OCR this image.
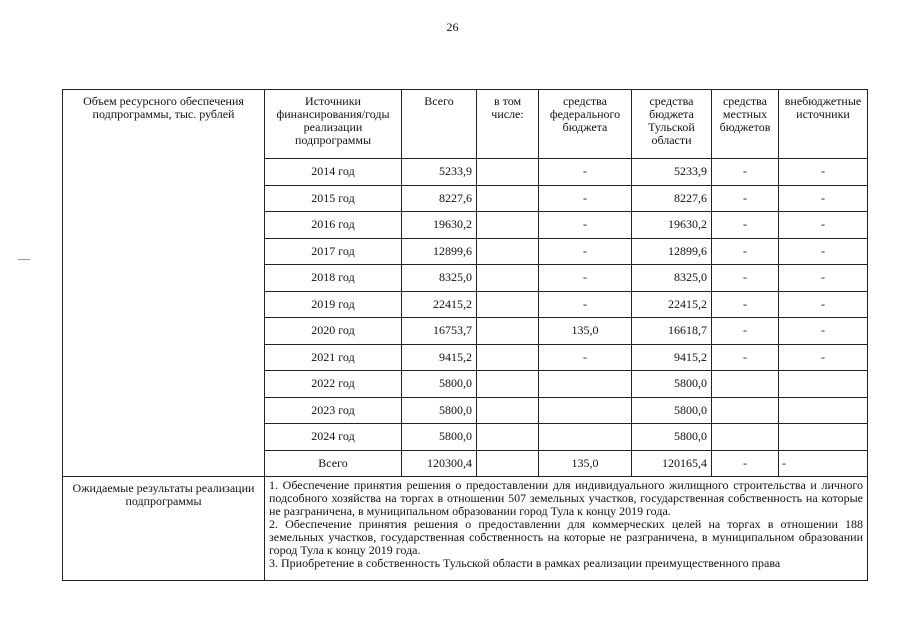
26
Объем ресурсного обеспечения подпрограммы, тыс. рублей	Источники финансирования/годы реализации подпрограммы	Всего	в том числе:	средства федерального бюджета	средства бюджета Тульской области	средства местных бюджетов	внебюджетные источники
	2014 год	5233,9		-	5233,9	-	-
	2015 год	8227,6		-	8227,6	-	-
	2016 год	19630,2		-	19630,2	-	-
	2017 год	12899,6		-	12899,6	-	-
	2018 год	8325,0		-	8325,0	-	-
	2019 год	22415,2		-	22415,2	-	-
	2020 год	16753,7		135,0	16618,7	-	-
	2021 год	9415,2		-	9415,2	-	-
	2022 год	5800,0			5800,0		
	2023 год	5800,0			5800,0		
	2024 год	5800,0			5800,0		
	Всего	120300,4		135,0	120165,4	-	-
Ожидаемые результаты реализации подпрограммы	1. Обеспечение принятия решения о предоставлении для индивидуального жилищного строительства и личного подсобного хозяйства на торгах в отношении 507 земельных участков, государственная собственность на которые не разграничена, в муниципальном образовании город Тула к концу 2019 года.

2. Обеспечение принятия решения о предоставлении для коммерческих целей на торгах в отношении 188 земельных участков, государственная собственность на которые не разграничена, в муниципальном образовании город Тула к концу 2019 года.

3. Приобретение в собственность Тульской области в рамках реализации преимущественного права						
